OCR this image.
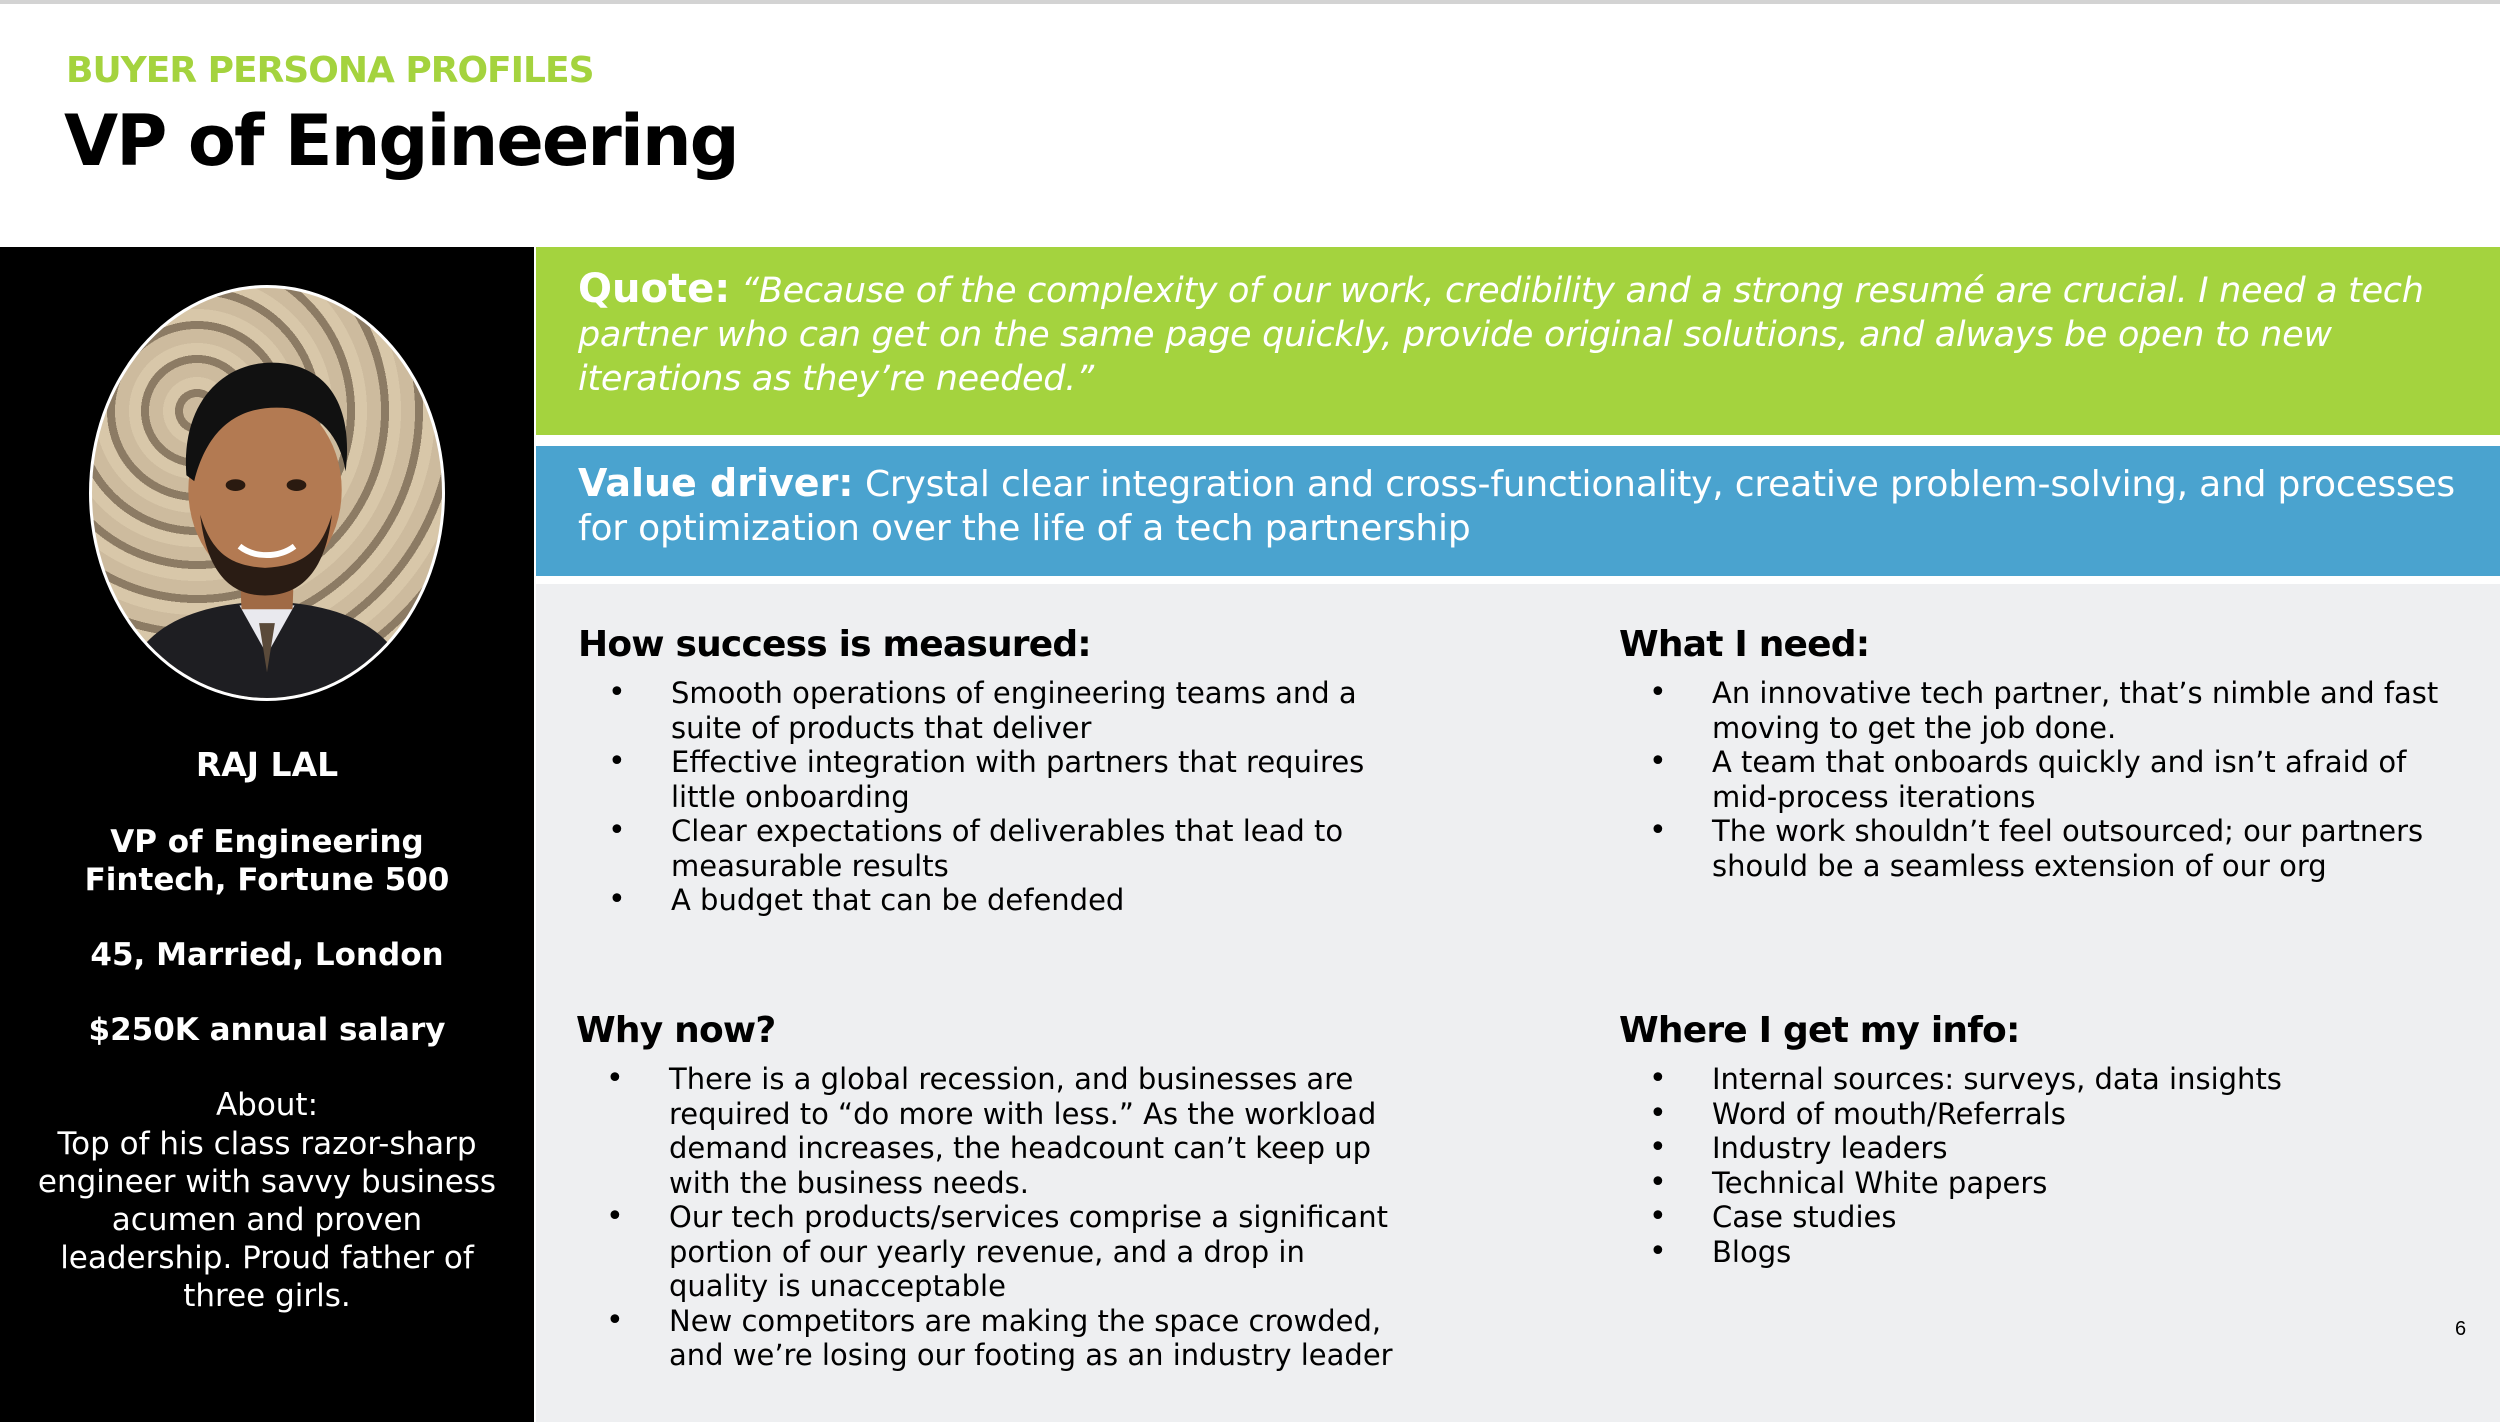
BUYER PERSONA PROFILES
VP of Engineering
RAJ LAL
VP of Engineering
Fintech, Fortune 500
45, Married, London
$250K annual salary
About:
Top of his class razor-sharp engineer with savvy business acumen and proven leadership. Proud father of three girls.
Quote: “Because of the complexity of our work, credibility and a strong resumé are crucial. I need a tech partner who can get on the same page quickly, provide original solutions, and always be open to new iterations as they’re needed.”
Value driver: Crystal clear integration and cross-functionality, creative problem-solving, and processes for optimization over the life of a tech partnership
How success is measured:
• Smooth operations of engineering teams and a suite of products that deliver
• Effective integration with partners that requires little onboarding
• Clear expectations of deliverables that lead to measurable results
• A budget that can be defended
What I need:
• An innovative tech partner, that’s nimble and fast moving to get the job done.
• A team that onboards quickly and isn’t afraid of mid-process iterations
• The work shouldn’t feel outsourced; our partners should be a seamless extension of our org
Why now?
• There is a global recession, and businesses are required to “do more with less.” As the workload demand increases, the headcount can’t keep up with the business needs.
• Our tech products/services comprise a significant portion of our yearly revenue, and a drop in quality is unacceptable
• New competitors are making the space crowded, and we’re losing our footing as an industry leader
Where I get my info:
• Internal sources: surveys, data insights
• Word of mouth/Referrals
• Industry leaders
• Technical White papers
• Case studies
• Blogs
6
